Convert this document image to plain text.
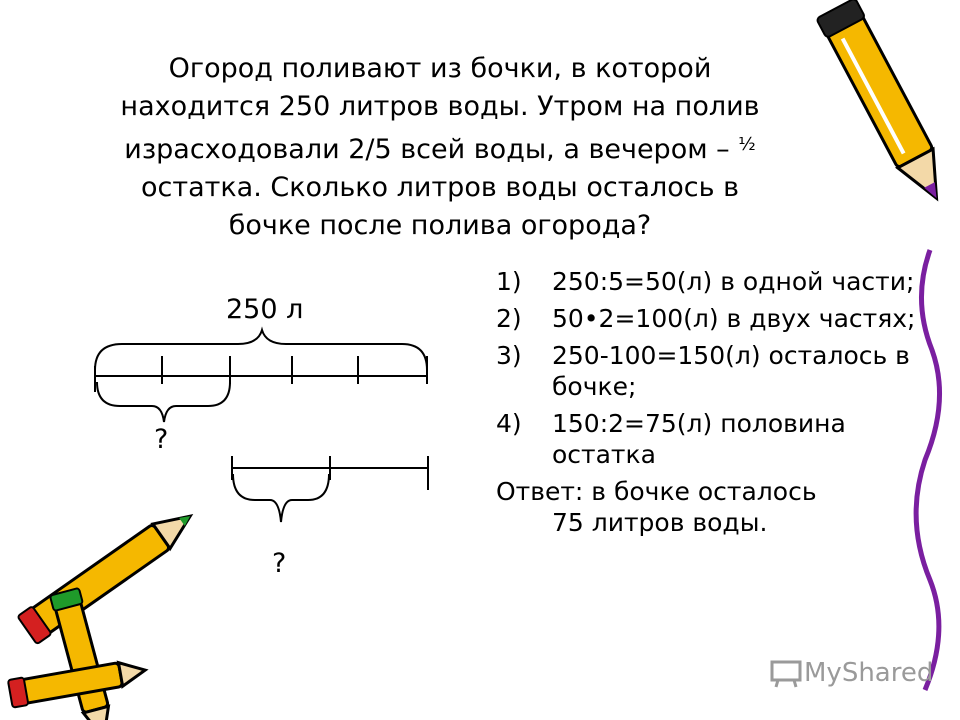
Огород поливают из бочки, в которой
находится 250 литров воды. Утром на полив
израсходовали 2/5 всей воды, а вечером – $^{\frac{1}{2}}$
остатка. Сколько литров воды осталось в
бочке после полива огорода?
250 л
?
?
1)	250:5=50(л) в одной части;
2)	50•2=100(л) в двух частях;
3)	250-100=150(л) осталось в бочке;
4)	150:2=75(л) половина остатка
Ответ: в бочке осталось
75 литров воды.
MyShared
